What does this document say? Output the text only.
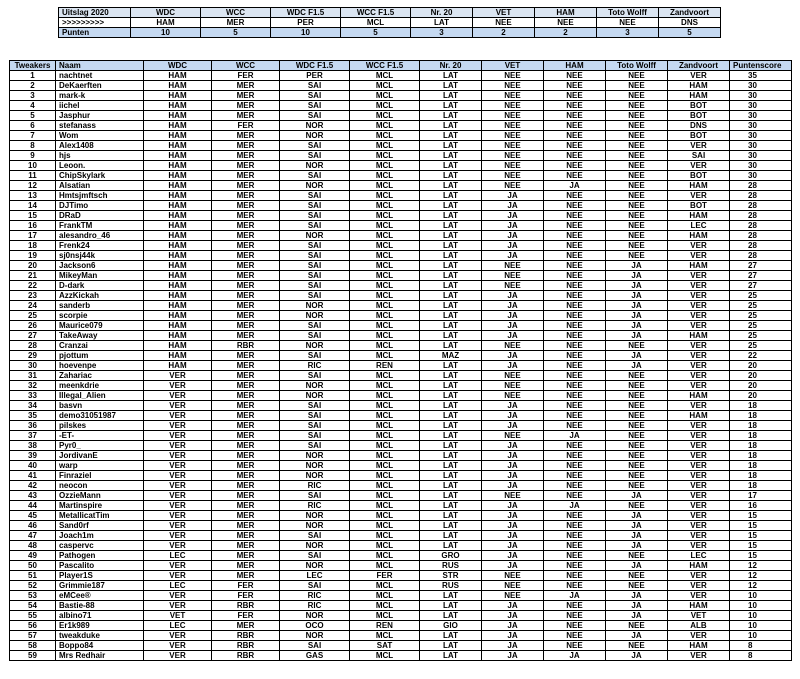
Uitslag 2020	WDC	WCC	WDC F1.5	WCC F1.5	Nr. 20	VET	HAM	Toto Wolff	Zandvoort
>>>>>>>>>	HAM	MER	PER	MCL	LAT	NEE	NEE	NEE	DNS
Punten	10	5	10	5	3	2	2	3	5
Tweakers	Naam	WDC	WCC	WDC F1.5	WCC F1.5	Nr. 20	VET	HAM	Toto Wolff	Zandvoort	Puntenscore
1	nachtnet	HAM	FER	PER	MCL	LAT	NEE	NEE	NEE	VER	35
2	DeKaerften	HAM	MER	SAI	MCL	LAT	NEE	NEE	NEE	HAM	30
3	mark-k	HAM	MER	SAI	MCL	LAT	NEE	NEE	NEE	HAM	30
4	iichel	HAM	MER	SAI	MCL	LAT	NEE	NEE	NEE	BOT	30
5	Jasphur	HAM	MER	SAI	MCL	LAT	NEE	NEE	NEE	BOT	30
6	stefanass	HAM	FER	NOR	MCL	LAT	NEE	NEE	NEE	DNS	30
7	Wom	HAM	MER	NOR	MCL	LAT	NEE	NEE	NEE	BOT	30
8	Alex1408	HAM	MER	SAI	MCL	LAT	NEE	NEE	NEE	VER	30
9	hjs	HAM	MER	SAI	MCL	LAT	NEE	NEE	NEE	SAI	30
10	Leoon.	HAM	MER	NOR	MCL	LAT	NEE	NEE	NEE	VER	30
11	ChipSkylark	HAM	MER	SAI	MCL	LAT	NEE	NEE	NEE	BOT	30
12	Alsatian	HAM	MER	NOR	MCL	LAT	NEE	JA	NEE	HAM	28
13	Hmtsjmftsch	HAM	MER	SAI	MCL	LAT	JA	NEE	NEE	VER	28
14	DJTimo	HAM	MER	SAI	MCL	LAT	JA	NEE	NEE	BOT	28
15	DRaD	HAM	MER	SAI	MCL	LAT	JA	NEE	NEE	HAM	28
16	FrankTM	HAM	MER	SAI	MCL	LAT	JA	NEE	NEE	LEC	28
17	alesandro_46	HAM	MER	NOR	MCL	LAT	JA	NEE	NEE	HAM	28
18	Frenk24	HAM	MER	SAI	MCL	LAT	JA	NEE	NEE	VER	28
19	sj0nsj44k	HAM	MER	SAI	MCL	LAT	JA	NEE	NEE	VER	28
20	Jackson6	HAM	MER	SAI	MCL	LAT	NEE	NEE	JA	HAM	27
21	MikeyMan	HAM	MER	SAI	MCL	LAT	NEE	NEE	JA	VER	27
22	D-dark	HAM	MER	SAI	MCL	LAT	NEE	NEE	JA	VER	27
23	AzzKickah	HAM	MER	SAI	MCL	LAT	JA	NEE	JA	VER	25
24	sanderb	HAM	MER	NOR	MCL	LAT	JA	NEE	JA	VER	25
25	scorpie	HAM	MER	NOR	MCL	LAT	JA	NEE	JA	VER	25
26	Maurice079	HAM	MER	SAI	MCL	LAT	JA	NEE	JA	VER	25
27	TakeAway	HAM	MER	SAI	MCL	LAT	JA	NEE	JA	HAM	25
28	Cranzai	HAM	RBR	NOR	MCL	LAT	NEE	NEE	NEE	VER	25
29	pjottum	HAM	MER	SAI	MCL	MAZ	JA	NEE	JA	VER	22
30	hoevenpe	HAM	MER	RIC	REN	LAT	JA	NEE	JA	VER	20
31	Zahariac	VER	MER	SAI	MCL	LAT	NEE	NEE	NEE	VER	20
32	meenkdrie	VER	MER	NOR	MCL	LAT	NEE	NEE	NEE	VER	20
33	Illegal_Alien	VER	MER	NOR	MCL	LAT	NEE	NEE	NEE	HAM	20
34	basvn	VER	MER	SAI	MCL	LAT	JA	NEE	NEE	VER	18
35	demo31051987	VER	MER	SAI	MCL	LAT	JA	NEE	NEE	HAM	18
36	pilskes	VER	MER	SAI	MCL	LAT	JA	NEE	NEE	VER	18
37	-ET-	VER	MER	SAI	MCL	LAT	NEE	JA	NEE	VER	18
38	Pyr0_	VER	MER	SAI	MCL	LAT	JA	NEE	NEE	VER	18
39	JordivanE	VER	MER	NOR	MCL	LAT	JA	NEE	NEE	VER	18
40	warp	VER	MER	NOR	MCL	LAT	JA	NEE	NEE	VER	18
41	Finraziel	VER	MER	NOR	MCL	LAT	JA	NEE	NEE	VER	18
42	neocon	VER	MER	RIC	MCL	LAT	JA	NEE	NEE	VER	18
43	OzzieMann	VER	MER	SAI	MCL	LAT	NEE	NEE	JA	VER	17
44	Martinspire	VER	MER	RIC	MCL	LAT	JA	JA	NEE	VER	16
45	MetallicatTim	VER	MER	NOR	MCL	LAT	JA	NEE	JA	VER	15
46	Sand0rf	VER	MER	NOR	MCL	LAT	JA	NEE	JA	VER	15
47	Joach1m	VER	MER	SAI	MCL	LAT	JA	NEE	JA	VER	15
48	caspervc	VER	MER	NOR	MCL	LAT	JA	NEE	JA	VER	15
49	Pathogen	LEC	MER	SAI	MCL	GRO	JA	NEE	NEE	LEC	15
50	Pascalito	VER	MER	NOR	MCL	RUS	JA	NEE	JA	HAM	12
51	Player1S	VER	MER	LEC	FER	STR	NEE	NEE	NEE	VER	12
52	Grimmie187	LEC	FER	SAI	MCL	RUS	NEE	NEE	NEE	VER	12
53	eMCee®	VER	FER	RIC	MCL	LAT	NEE	JA	JA	VER	10
54	Bastie-88	VER	RBR	RIC	MCL	LAT	JA	NEE	JA	HAM	10
55	albino71	VET	FER	NOR	MCL	LAT	JA	NEE	JA	VET	10
56	Er1k989	LEC	MER	OCO	REN	GIO	JA	NEE	NEE	ALB	10
57	tweakduke	VER	RBR	NOR	MCL	LAT	JA	NEE	JA	VER	10
58	Boppo84	VER	RBR	SAI	SAT	LAT	JA	NEE	NEE	HAM	8
59	Mrs Redhair	VER	RBR	GAS	MCL	LAT	JA	JA	JA	VER	8
